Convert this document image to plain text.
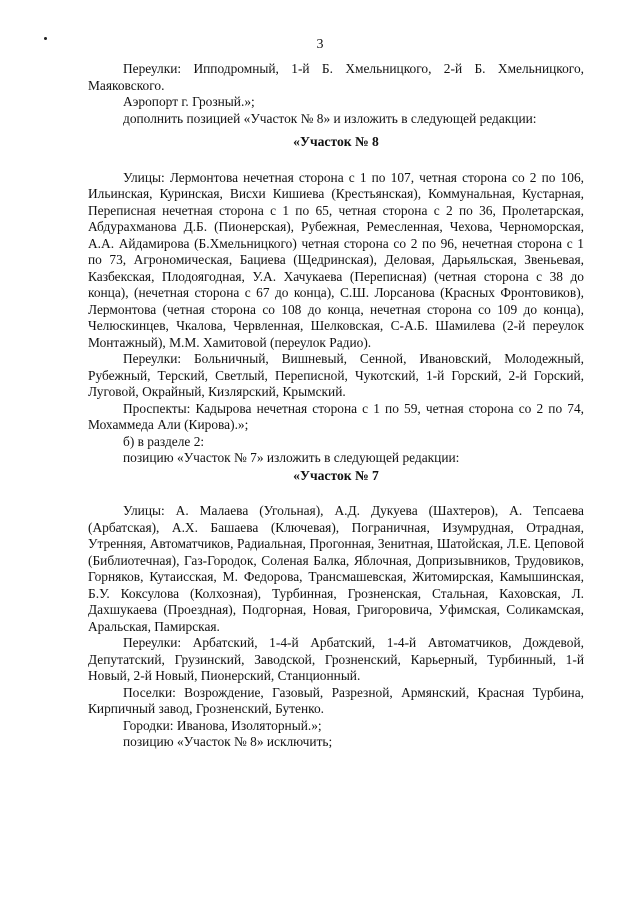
3

Переулки: Ипподромный, 1-й Б. Хмельницкого, 2-й Б. Хмельницкого, Маяковского.

Аэропорт г. Грозный.»;

дополнить позицией «Участок № 8» и изложить в следующей редакции:

«Участок № 8

Улицы: Лермонтова нечетная сторона с 1 по 107, четная сторона со 2 по 106, Ильинская, Куринская, Висхи Кишиева (Крестьянская), Коммунальная, Кустарная, Переписная нечетная сторона с 1 по 65, четная сторона с 2 по 36, Пролетарская, Абдурахманова Д.Б. (Пионерская), Рубежная, Ремесленная, Чехова, Черноморская, А.А. Айдамирова (Б.Хмельницкого) четная сторона со 2 по 96, нечетная сторона с 1 по 73, Агрономическая, Бациева (Щедринская), Деловая, Дарьяльская, Звеньевая, Казбекская, Плодоягодная, У.А. Хачукаева (Переписная) (четная сторона с 38 до конца), (нечетная сторона с 67 до конца), С.Ш. Лорсанова (Красных Фронтовиков), Лермонтова (четная сторона со 108 до конца, нечетная сторона со 109 до конца), Челюскинцев, Чкалова, Червленная, Шелковская, С-А.Б. Шамилева (2-й переулок Монтажный), М.М. Хамитовой (переулок Радио).

Переулки: Больничный, Вишневый, Сенной, Ивановский, Молодежный, Рубежный, Терский, Светлый, Переписной, Чукотский, 1-й Горский, 2-й Горский, Луговой, Окрайный, Кизлярский, Крымский.

Проспекты: Кадырова нечетная сторона с 1 по 59, четная сторона со 2 по 74, Мохаммеда Али (Кирова).»;

б) в разделе 2:

позицию «Участок № 7» изложить в следующей редакции:

«Участок № 7

Улицы: А. Малаева (Угольная), А.Д. Дукуева (Шахтеров), А. Тепсаева (Арбатская), А.Х. Башаева (Ключевая), Пограничная, Изумрудная, Отрадная, Утренняя, Автоматчиков, Радиальная, Прогонная, Зенитная, Шатойская, Л.Е. Цеповой (Библиотечная), Газ-Городок, Соленая Балка, Яблочная, Допризывников, Трудовиков, Горняков, Кутаисская, М. Федорова, Трансмашевская, Житомирская, Камышинская, Б.У. Коксулова (Колхозная), Турбинная, Грозненская, Стальная, Каховская, Л. Дахшукаева (Проездная), Подгорная, Новая, Григоровича, Уфимская, Соликамская, Аральская, Памирская.

Переулки: Арбатский, 1-4-й Арбатский, 1-4-й Автоматчиков, Дождевой, Депутатский, Грузинский, Заводской, Грозненский, Карьерный, Турбинный, 1-й Новый, 2-й Новый, Пионерский, Станционный.

Поселки: Возрождение, Газовый, Разрезной, Армянский, Красная Турбина, Кирпичный завод, Грозненский, Бутенко.

Городки: Иванова, Изоляторный.»;

позицию «Участок № 8» исключить;
